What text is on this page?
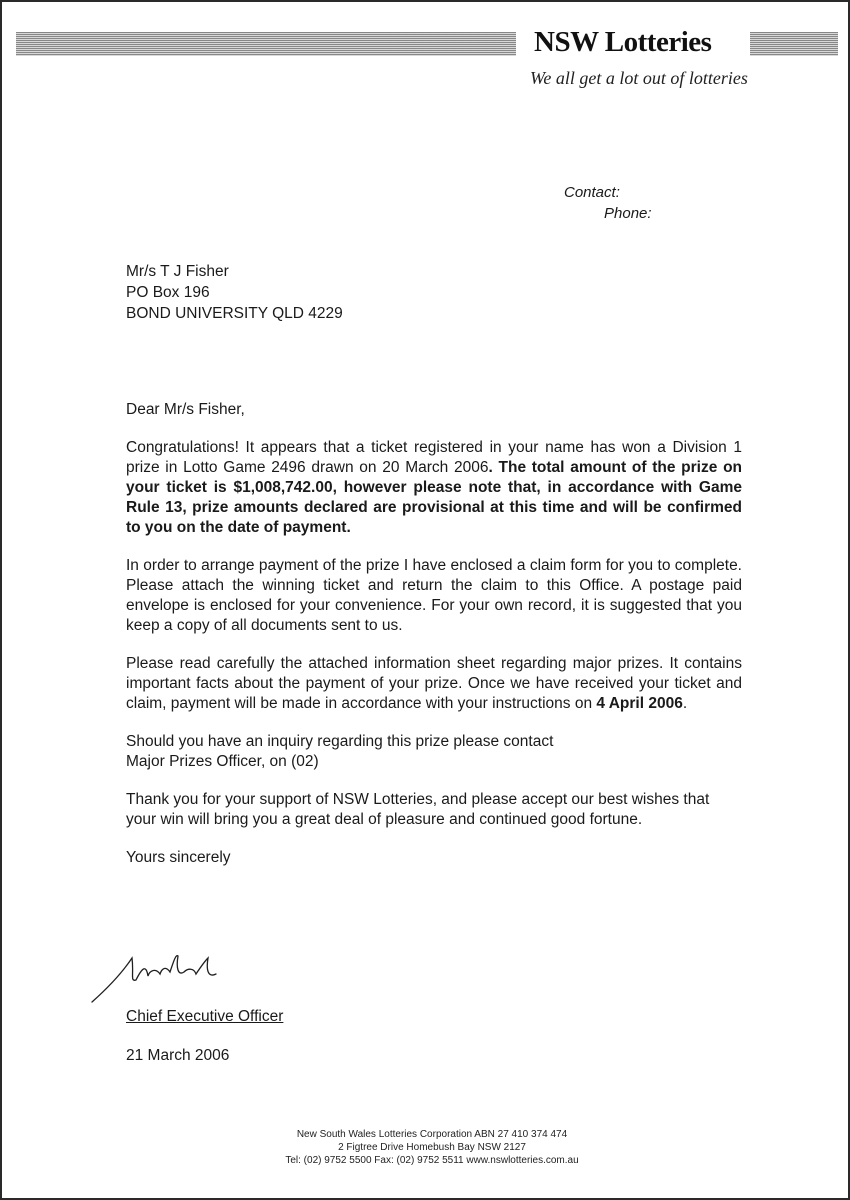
NSW Lotteries
We all get a lot out of lotteries
Contact:
Phone:
Mr/s T J Fisher
PO Box 196
BOND UNIVERSITY QLD 4229

Dear Mr/s Fisher,

Congratulations! It appears that a ticket registered in your name has won a Division 1 prize in Lotto Game 2496 drawn on 20 March 2006. The total amount of the prize on your ticket is $1,008,742.00, however please note that, in accordance with Game Rule 13, prize amounts declared are provisional at this time and will be confirmed to you on the date of payment.

In order to arrange payment of the prize I have enclosed a claim form for you to complete. Please attach the winning ticket and return the claim to this Office. A postage paid envelope is enclosed for your convenience. For your own record, it is suggested that you keep a copy of all documents sent to us.

Please read carefully the attached information sheet regarding major prizes. It contains important facts about the payment of your prize. Once we have received your ticket and claim, payment will be made in accordance with your instructions on 4 April 2006.

Should you have an inquiry regarding this prize please contact
Major Prizes Officer, on (02)

Thank you for your support of NSW Lotteries, and please accept our best wishes that your win will bring you a great deal of pleasure and continued good fortune.

Yours sincerely

Chief Executive Officer
21 March 2006
New South Wales Lotteries Corporation ABN 27 410 374 474
2 Figtree Drive Homebush Bay NSW 2127
Tel: (02) 9752 5500 Fax: (02) 9752 5511 www.nswlotteries.com.au
